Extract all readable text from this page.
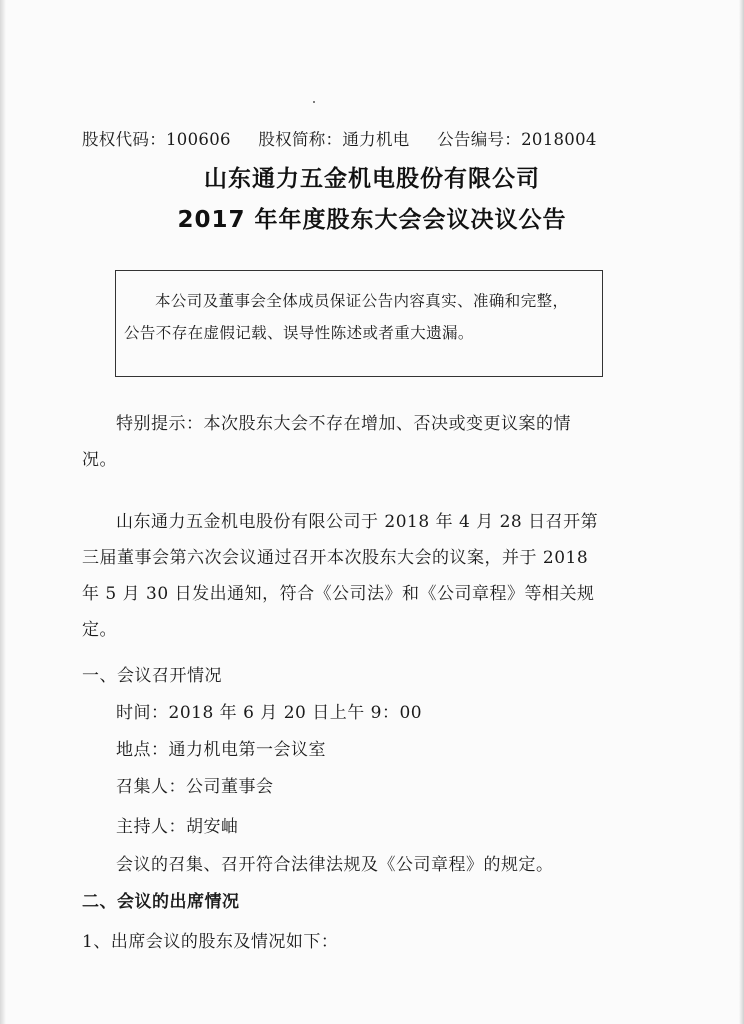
股权代码：100606 股权简称：通力机电 公告编号：2018004
山东通力五金机电股份有限公司
2017 年年度股东大会会议决议公告

本公司及董事会全体成员保证公告内容真实、准确和完整，

公告不存在虚假记载、误导性陈述或者重大遗漏。

特别提示：本次股东大会不存在增加、否决或变更议案的情
况。
山东通力五金机电股份有限公司于 2018 年 4 月 28 日召开第
三届董事会第六次会议通过召开本次股东大会的议案，并于 2018
年 5 月 30 日发出通知，符合《公司法》和《公司章程》等相关规
定。
一、会议召开情况
时间：2018 年 6 月 20 日上午 9：00
地点：通力机电第一会议室
召集人：公司董事会
主持人：胡安岫
会议的召集、召开符合法律法规及《公司章程》的规定。
二、会议的出席情况
1、出席会议的股东及情况如下：
